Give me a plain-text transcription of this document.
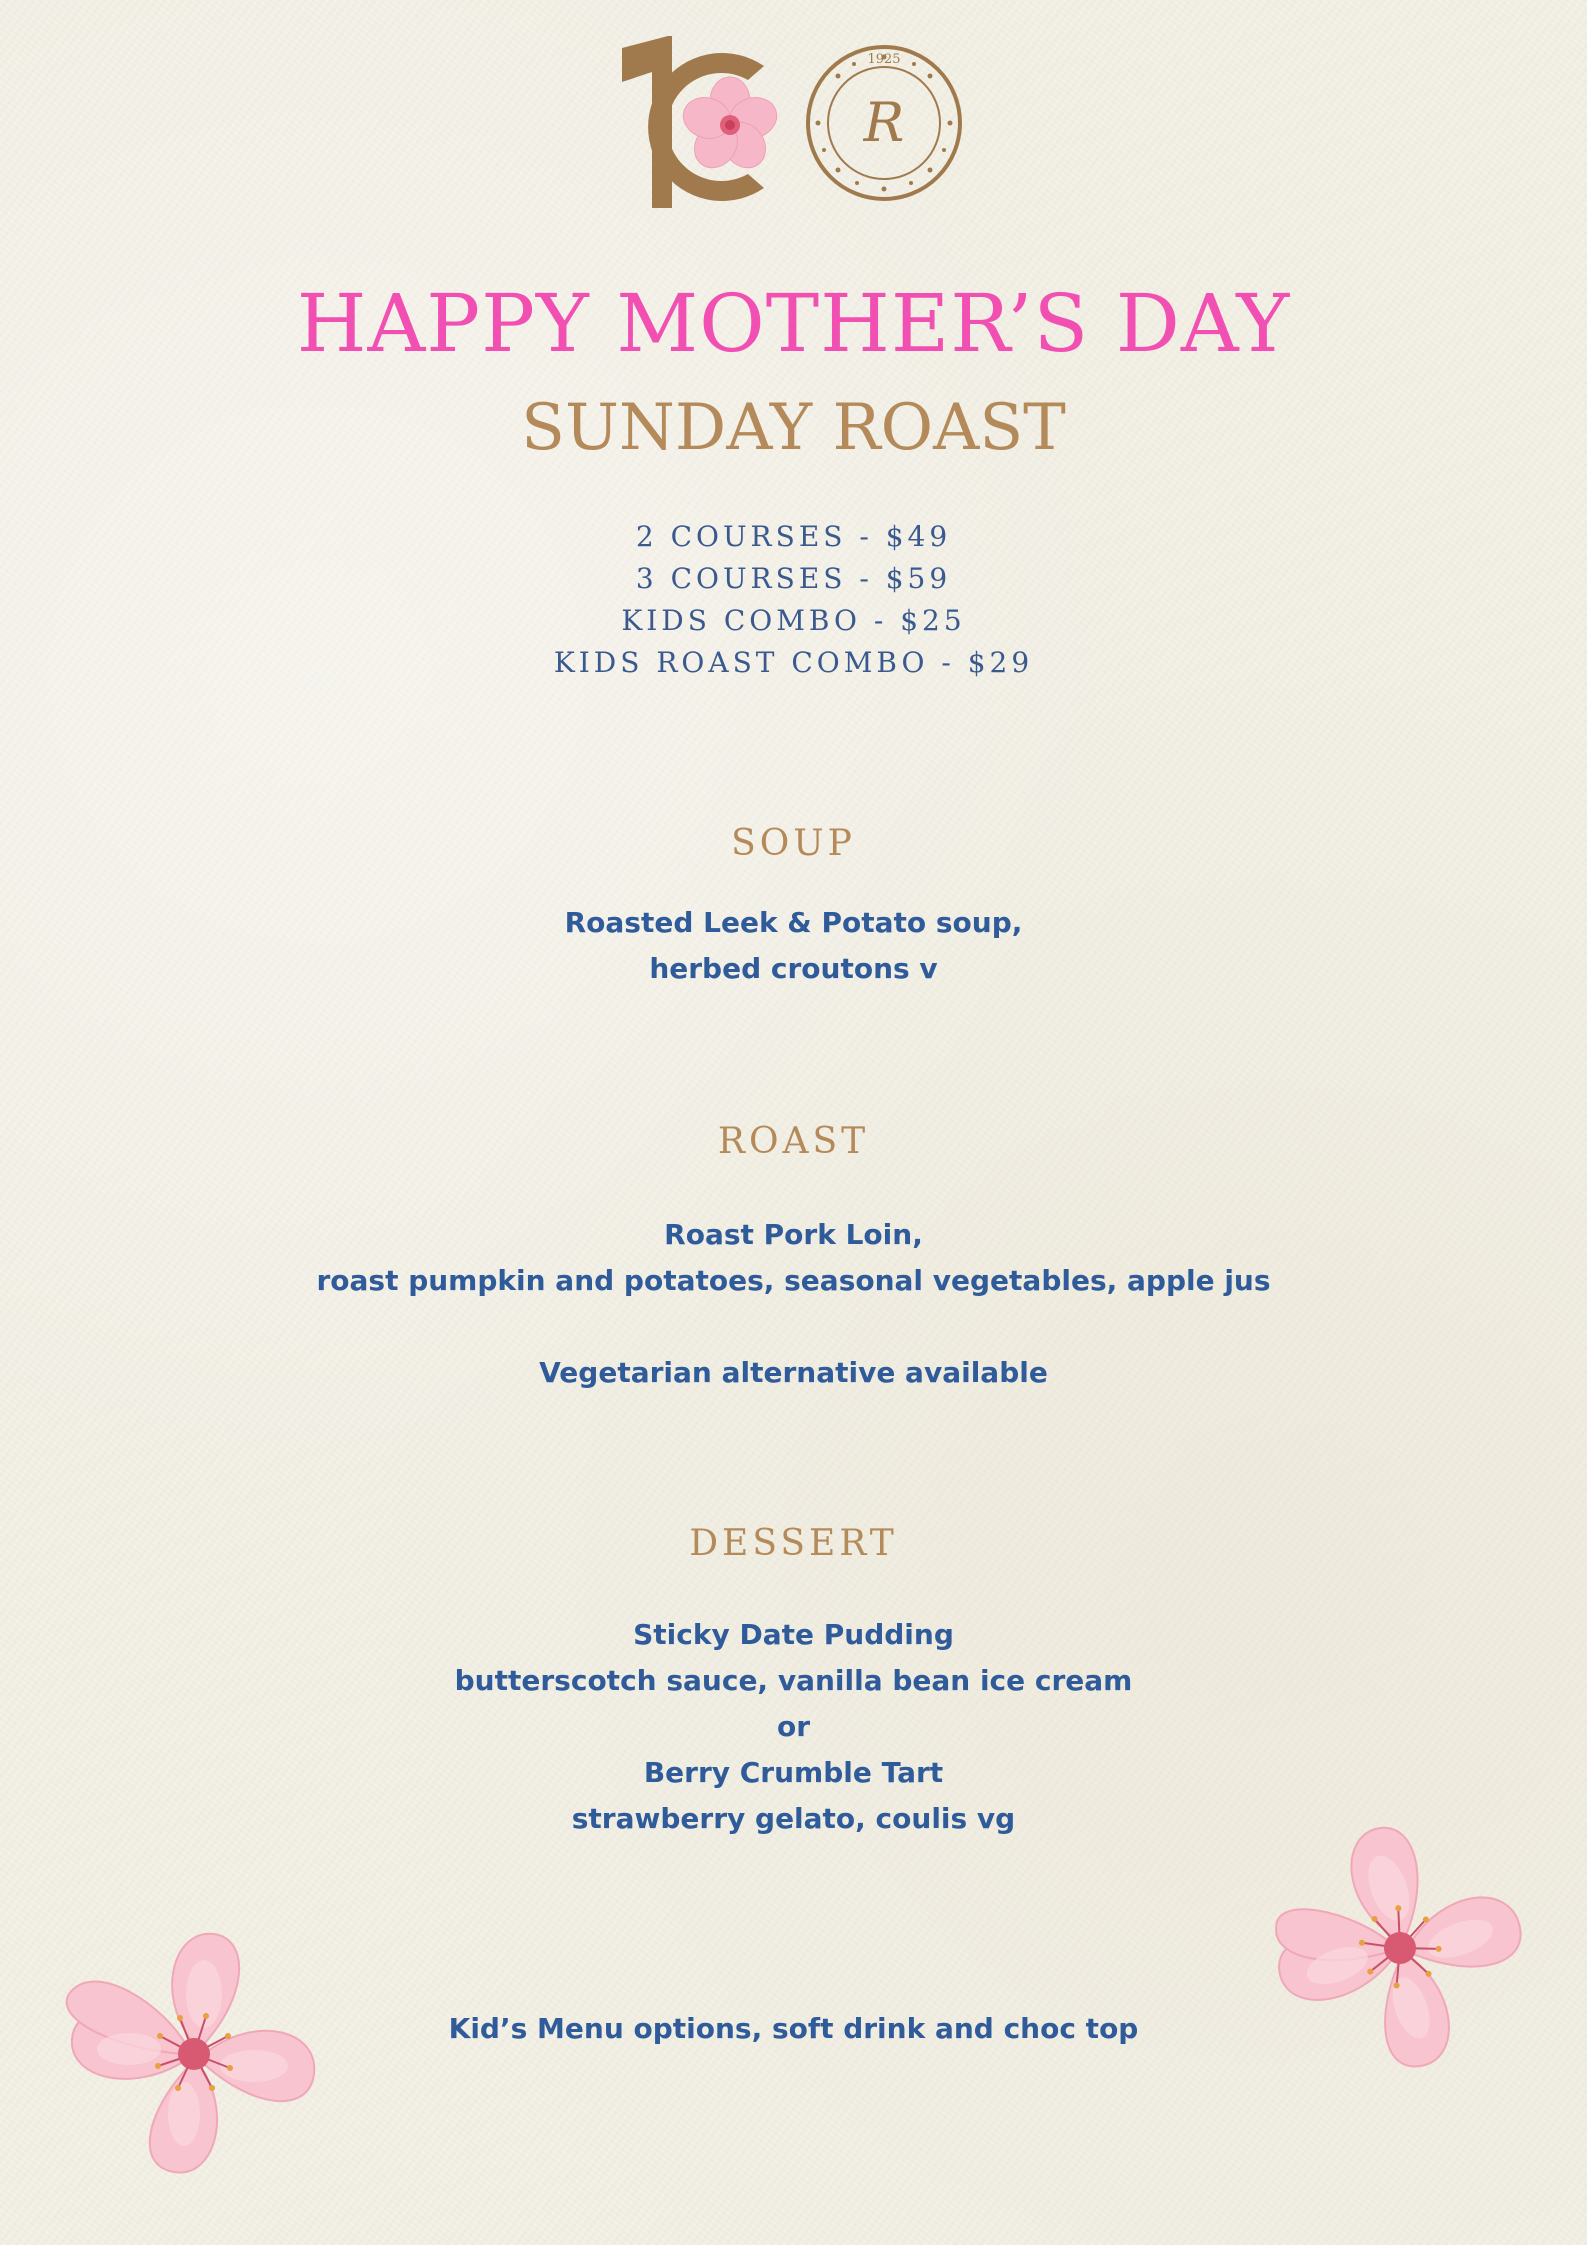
1925
R
HAPPY MOTHER’S DAY
SUNDAY ROAST
2 COURSES - $49
3 COURSES - $59
KIDS COMBO - $25
KIDS ROAST COMBO - $29
SOUP
Roasted Leek & Potato soup,
herbed croutons v
ROAST
Roast Pork Loin,
roast pumpkin and potatoes, seasonal vegetables, apple jus
Vegetarian alternative available
DESSERT
Sticky Date Pudding
butterscotch sauce, vanilla bean ice cream
or
Berry Crumble Tart
strawberry gelato, coulis vg
Kid’s Menu options, soft drink and choc top
